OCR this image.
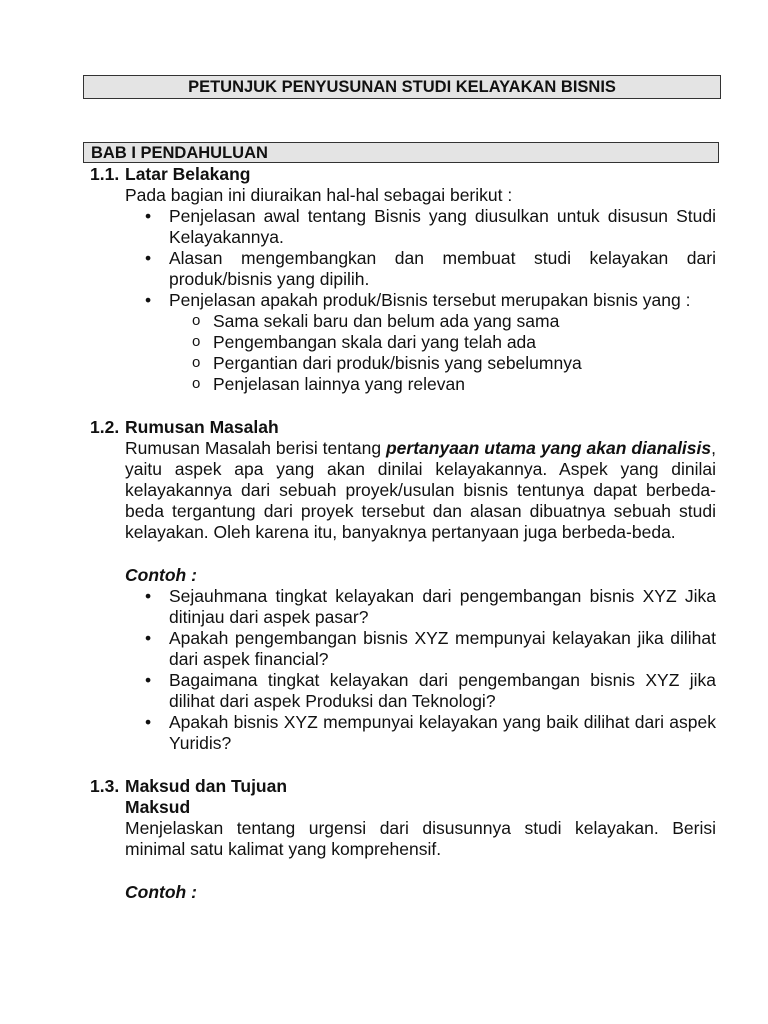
PETUNJUK PENYUSUNAN STUDI KELAYAKAN BISNIS
BAB I PENDAHULUAN
1.1. Latar Belakang
Pada bagian ini diuraikan hal-hal sebagai berikut :
• Penjelasan awal tentang Bisnis yang diusulkan untuk disusun Studi Kelayakannya.
• Alasan mengembangkan dan membuat studi kelayakan dari produk/bisnis yang dipilih.
• Penjelasan apakah produk/Bisnis tersebut merupakan bisnis yang :
o Sama sekali baru dan belum ada yang sama
o Pengembangan skala dari yang telah ada
o Pergantian dari produk/bisnis yang sebelumnya
o Penjelasan lainnya yang relevan
1.2. Rumusan Masalah

Rumusan Masalah berisi tentang pertanyaan utama yang akan dianalisis, yaitu aspek apa yang akan dinilai kelayakannya. Aspek yang dinilai kelayakannya dari sebuah proyek/usulan bisnis tentunya dapat berbeda-beda tergantung dari proyek tersebut dan alasan dibuatnya sebuah studi kelayakan. Oleh karena itu, banyaknya pertanyaan juga berbeda-beda.

Contoh :
• Sejauhmana tingkat kelayakan dari pengembangan bisnis XYZ Jika ditinjau dari aspek pasar?
• Apakah pengembangan bisnis XYZ mempunyai kelayakan jika dilihat dari aspek financial?
• Bagaimana tingkat kelayakan dari pengembangan bisnis XYZ jika dilihat dari aspek Produksi dan Teknologi?
• Apakah bisnis XYZ mempunyai kelayakan yang baik dilihat dari aspek Yuridis?
1.3. Maksud dan Tujuan
Maksud

Menjelaskan tentang urgensi dari disusunnya studi kelayakan. Berisi minimal satu kalimat yang komprehensif.

Contoh :
